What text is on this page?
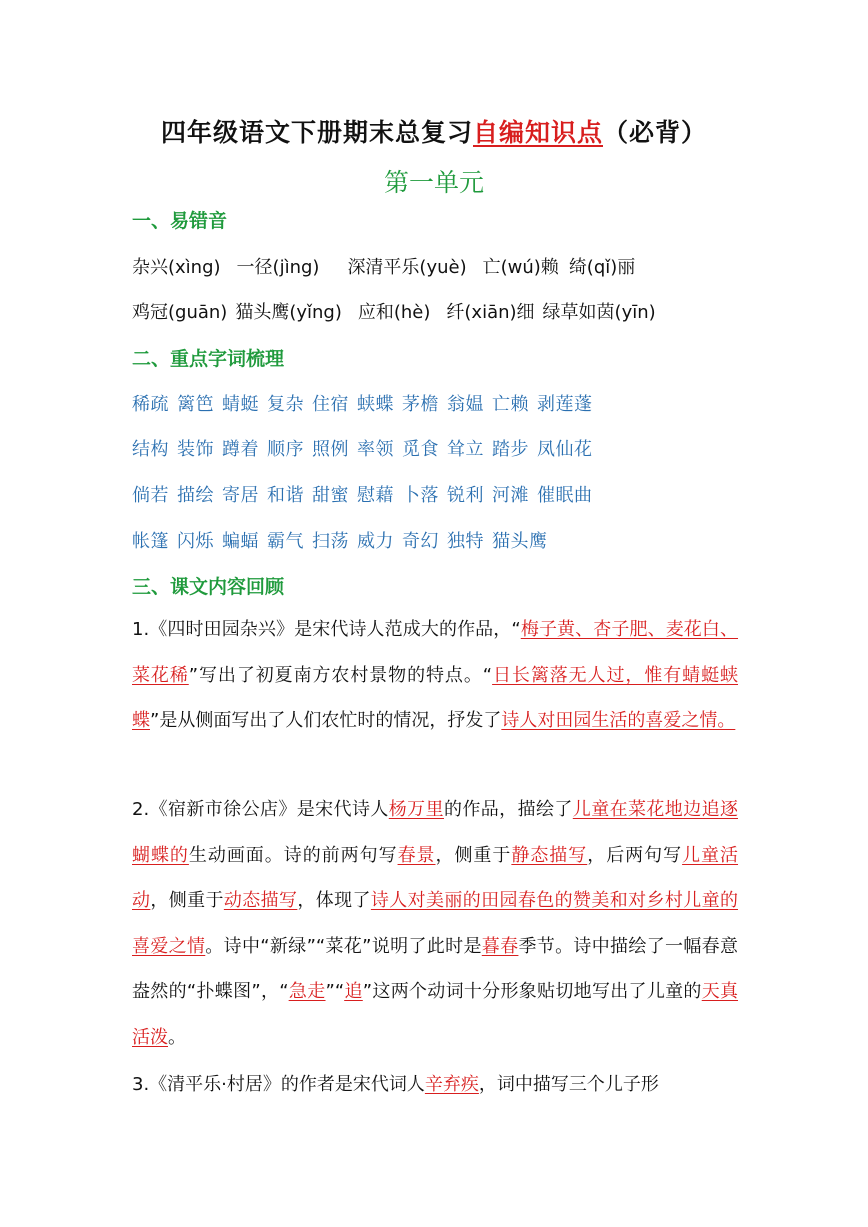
四年级语文下册期末总复习自编知识点（必背）
第一单元
一、易错音
杂兴(xìng) 一径(jìng) 深清平乐(yuè) 亡(wú)赖 绮(qǐ)丽
鸡冠(guān) 猫头鹰(yǐng) 应和(hè) 纤(xiān)细 绿草如茵(yīn)
二、重点字词梳理
稀疏 篱笆 蜻蜓 复杂 住宿 蛱蝶 茅檐 翁媪 亡赖 剥莲蓬
结构 装饰 蹲着 顺序 照例 率领 觅食 耸立 踏步 凤仙花
倘若 描绘 寄居 和谐 甜蜜 慰藉 卜落 锐利 河滩 催眠曲
帐篷 闪烁 蝙蝠 霸气 扫荡 威力 奇幻 独特 猫头鹰
三、课文内容回顾
1.《四时田园杂兴》是宋代诗人范成大的作品，“梅子黄、杏子肥、麦花白、菜花稀”写出了初夏南方农村景物的特点。“日长篱落无人过，惟有蜻蜓蛱蝶”是从侧面写出了人们农忙时的情况，抒发了诗人对田园生活的喜爱之情。
2.《宿新市徐公店》是宋代诗人杨万里的作品，描绘了儿童在菜花地边追逐蝴蝶的生动画面。诗的前两句写春景，侧重于静态描写，后两句写儿童活动，侧重于动态描写，体现了诗人对美丽的田园春色的赞美和对乡村儿童的喜爱之情。诗中“新绿”“菜花”说明了此时是暮春季节。诗中描绘了一幅春意盎然的“扑蝶图”，“急走”“追”这两个动词十分形象贴切地写出了儿童的天真活泼。
3.《清平乐·村居》的作者是宋代词人辛弃疾，词中描写三个儿子形
